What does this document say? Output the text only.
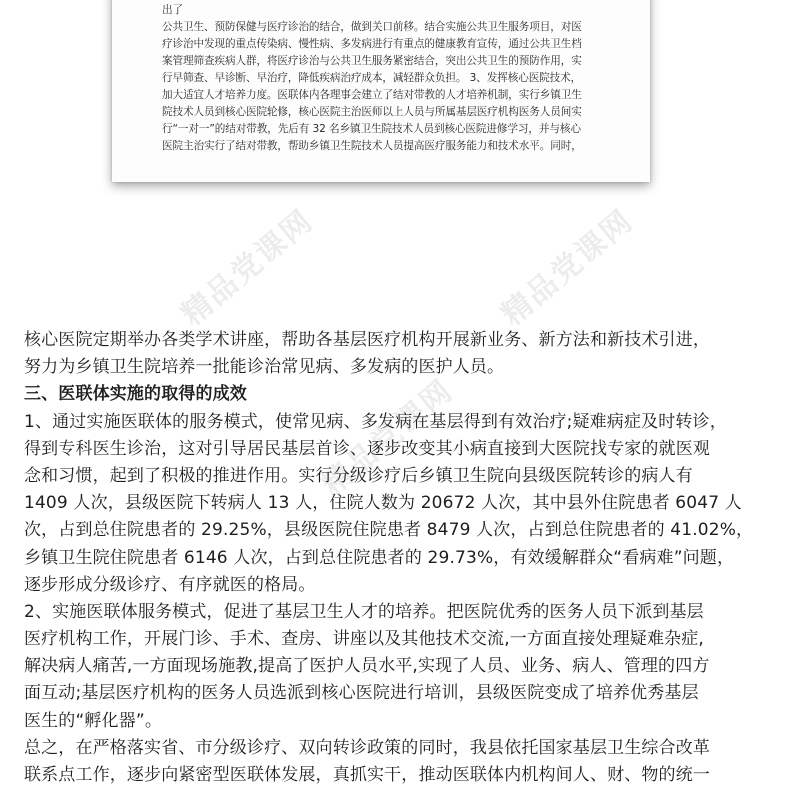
出了
公共卫生、预防保健与医疗诊治的结合，做到关口前移。结合实施公共卫生服务项目，对医
疗诊治中发现的重点传染病、慢性病、多发病进行有重点的健康教育宣传，通过公共卫生档
案管理筛查疾病人群，将医疗诊治与公共卫生服务紧密结合，突出公共卫生的预防作用，实
行早筛查、早诊断、早治疗，降低疾病治疗成本，减轻群众负担。 3、发挥核心医院技术，
加大适宜人才培养力度。医联体内各理事会建立了结对带教的人才培养机制，实行乡镇卫生
院技术人员到核心医院轮修，核心医院主治医师以上人员与所属基层医疗机构医务人员间实
行“一对一”的结对带教，先后有 32 名乡镇卫生院技术人员到核心医院进修学习，并与核心
医院主治实行了结对带教，帮助乡镇卫生院技术人员提高医疗服务能力和技术水平。同时，
精品党课网	精品党课网
精品党课网
核心医院定期举办各类学术讲座，帮助各基层医疗机构开展新业务、新方法和新技术引进，
努力为乡镇卫生院培养一批能诊治常见病、多发病的医护人员。
三、医联体实施的取得的成效
1、通过实施医联体的服务模式，使常见病、多发病在基层得到有效治疗;疑难病症及时转诊，
得到专科医生诊治，这对引导居民基层首诊、逐步改变其小病直接到大医院找专家的就医观
念和习惯，起到了积极的推进作用。实行分级诊疗后乡镇卫生院向县级医院转诊的病人有
1409 人次，县级医院下转病人 13 人，住院人数为 20672 人次，其中县外住院患者 6047 人
次，占到总住院患者的 29.25%，县级医院住院患者 8479 人次，占到总住院患者的 41.02%，
乡镇卫生院住院患者 6146 人次，占到总住院患者的 29.73%，有效缓解群众“看病难”问题，
逐步形成分级诊疗、有序就医的格局。
2、实施医联体服务模式，促进了基层卫生人才的培养。把医院优秀的医务人员下派到基层
医疗机构工作，开展门诊、手术、查房、讲座以及其他技术交流,一方面直接处理疑难杂症,
解决病人痛苦,一方面现场施教,提高了医护人员水平,实现了人员、业务、病人、管理的四方
面互动;基层医疗机构的医务人员选派到核心医院进行培训，县级医院变成了培养优秀基层
医生的“孵化器”。
总之，在严格落实省、市分级诊疗、双向转诊政策的同时，我县依托国家基层卫生综合改革
联系点工作，逐步向紧密型医联体发展，真抓实干，推动医联体内机构间人、财、物的统一
